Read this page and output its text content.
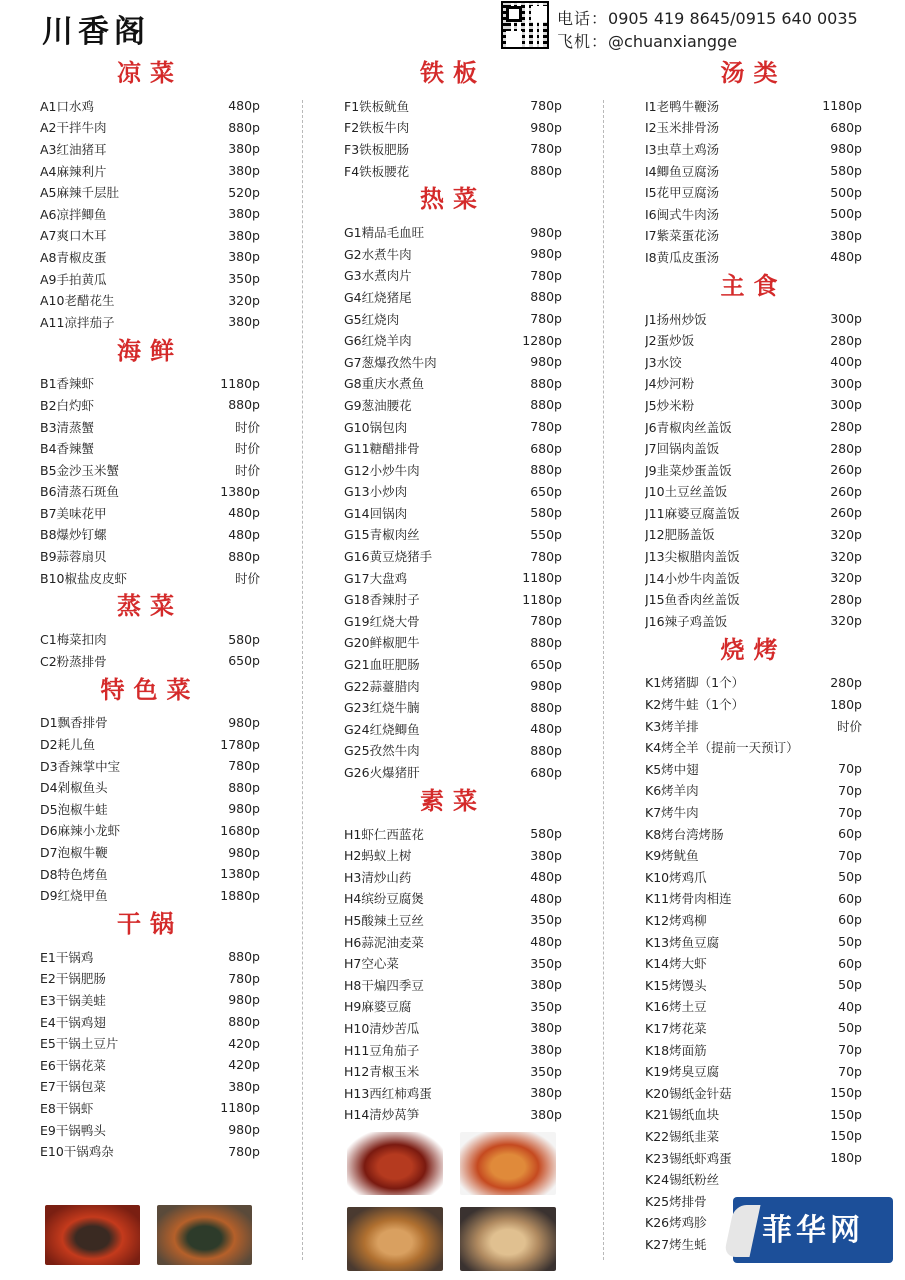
川香阁	电话：0905 419 8645/0915 640 0035
飞机：@chuanxiangge
凉菜
A1口水鸡	480p
A2干拌牛肉	880p
A3红油猪耳	380p
A4麻辣利片	380p
A5麻辣千层肚	520p
A6凉拌鲫鱼	380p
A7爽口木耳	380p
A8青椒皮蛋	380p
A9手拍黄瓜	350p
A10老醋花生	320p
A11凉拌茄子	380p
海鲜
B1香辣虾	1180p
B2白灼虾	880p
B3清蒸蟹	时价
B4香辣蟹	时价
B5金沙玉米蟹	时价
B6清蒸石斑鱼	1380p
B7美味花甲	480p
B8爆炒钉螺	480p
B9蒜蓉扇贝	880p
B10椒盐皮皮虾	时价
蒸菜
C1梅菜扣肉	580p
C2粉蒸排骨	650p
特色菜
D1飘香排骨	980p
D2耗儿鱼	1780p
D3香辣掌中宝	780p
D4剁椒鱼头	880p
D5泡椒牛蛙	980p
D6麻辣小龙虾	1680p
D7泡椒牛鞭	980p
D8特色烤鱼	1380p
D9红烧甲鱼	1880p
干锅
E1干锅鸡	880p
E2干锅肥肠	780p
E3干锅美蛙	980p
E4干锅鸡翅	880p
E5干锅土豆片	420p
E6干锅花菜	420p
E7干锅包菜	380p
E8干锅虾	1180p
E9干锅鸭头	980p
E10干锅鸡杂	780p
铁板
F1铁板鱿鱼	780p
F2铁板牛肉	980p
F3铁板肥肠	780p
F4铁板腰花	880p
热菜
G1精品毛血旺	980p
G2水煮牛肉	980p
G3水煮肉片	780p
G4红烧猪尾	880p
G5红烧肉	780p
G6红烧羊肉	1280p
G7葱爆孜然牛肉	980p
G8重庆水煮鱼	880p
G9葱油腰花	880p
G10锅包肉	780p
G11糖醋排骨	680p
G12小炒牛肉	880p
G13小炒肉	650p
G14回锅肉	580p
G15青椒肉丝	550p
G16黄豆烧猪手	780p
G17大盘鸡	1180p
G18香辣肘子	1180p
G19红烧大骨	780p
G20鲜椒肥牛	880p
G21血旺肥肠	650p
G22蒜薹腊肉	980p
G23红烧牛腩	880p
G24红烧鲫鱼	480p
G25孜然牛肉	880p
G26火爆猪肝	680p
素菜
H1虾仁西蓝花	580p
H2蚂蚁上树	380p
H3清炒山药	480p
H4缤纷豆腐煲	480p
H5酸辣土豆丝	350p
H6蒜泥油麦菜	480p
H7空心菜	350p
H8干煸四季豆	380p
H9麻婆豆腐	350p
H10清炒苦瓜	380p
H11豆角茄子	380p
H12青椒玉米	350p
H13西红柿鸡蛋	380p
H14清炒莴笋	380p
汤类
I1老鸭牛鞭汤	1180p
I2玉米排骨汤	680p
I3虫草土鸡汤	980p
I4鲫鱼豆腐汤	580p
I5花甲豆腐汤	500p
I6闽式牛肉汤	500p
I7紫菜蛋花汤	380p
I8黄瓜皮蛋汤	480p
主食
J1扬州炒饭	300p
J2蛋炒饭	280p
J3水饺	400p
J4炒河粉	300p
J5炒米粉	300p
J6青椒肉丝盖饭	280p
J7回锅肉盖饭	280p
J9韭菜炒蛋盖饭	260p
J10土豆丝盖饭	260p
J11麻婆豆腐盖饭	260p
J12肥肠盖饭	320p
J13尖椒腊肉盖饭	320p
J14小炒牛肉盖饭	320p
J15鱼香肉丝盖饭	280p
J16辣子鸡盖饭	320p
烧烤
K1烤猪脚（1个）	280p
K2烤牛蛙（1个）	180p
K3烤羊排	时价
K4烤全羊（提前一天预订）
K5烤中翅	70p
K6烤羊肉	70p
K7烤牛肉	70p
K8烤台湾烤肠	60p
K9烤鱿鱼	70p
K10烤鸡爪	50p
K11烤骨肉相连	60p
K12烤鸡柳	60p
K13烤鱼豆腐	50p
K14烤大虾	60p
K15烤馒头	50p
K16烤土豆	40p
K17烤花菜	50p
K18烤面筋	70p
K19烤臭豆腐	70p
K20锡纸金针菇	150p
K21锡纸血块	150p
K22锡纸韭菜	150p
K23锡纸虾鸡蛋	180p
K24锡纸粉丝
K25烤排骨
K26烤鸡胗
K27烤生蚝	菲华网
